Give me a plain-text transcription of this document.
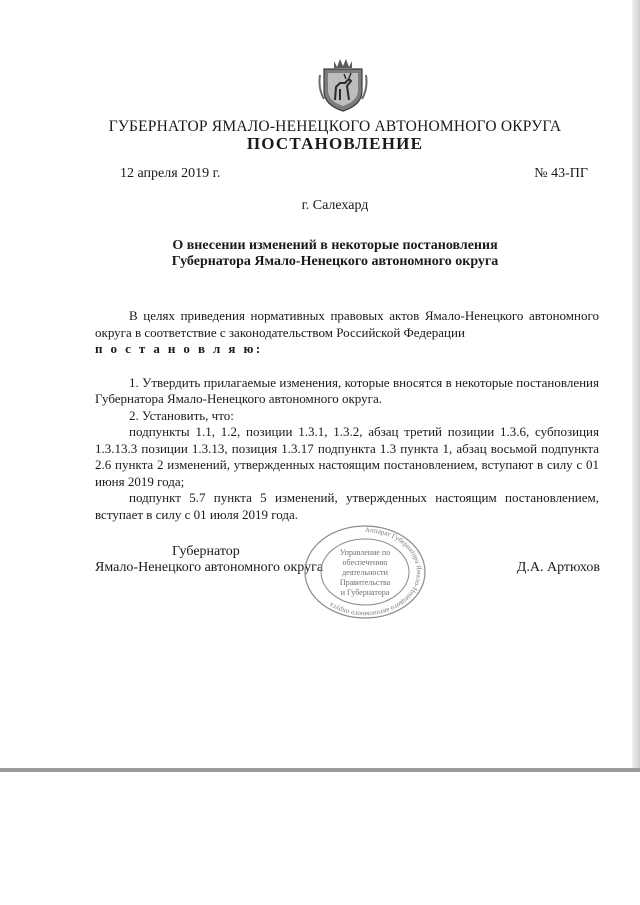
ГУБЕРНАТОР ЯМАЛО-НЕНЕЦКОГО АВТОНОМНОГО ОКРУГА
ПОСТАНОВЛЕНИЕ
12 апреля 2019 г.	№ 43-ПГ
г. Салехард
О внесении изменений в некоторые постановления
Губернатора Ямало-Ненецкого автономного округа

В целях приведения нормативных правовых актов Ямало-Ненецкого автономного округа в соответствие с законодательством Российской Федерации

п о с т а н о в л я ю:

1. Утвердить прилагаемые изменения, которые вносятся в некоторые постановления Губернатора Ямало-Ненецкого автономного округа.

2. Установить, что:

подпункты 1.1, 1.2, позиции 1.3.1, 1.3.2, абзац третий позиции 1.3.6, субпозиция 1.3.13.3 позиции 1.3.13, позиция 1.3.17 подпункта 1.3 пункта 1, абзац восьмой подпункта 2.6 пункта 2 изменений, утвержденных настоящим постановлением, вступают в силу с 01 июня 2019 года;

подпункт 5.7 пункта 5 изменений, утвержденных настоящим постановлением, вступает в силу с 01 июля 2019 года.

Губернатор
Ямало-Ненецкого автономного округа	Д.А. Артюхов
Аппарат Губернатора Ямало-Ненецкого автономного округа
Управление по
обеспечению
деятельности
Правительства
и Губернатора
